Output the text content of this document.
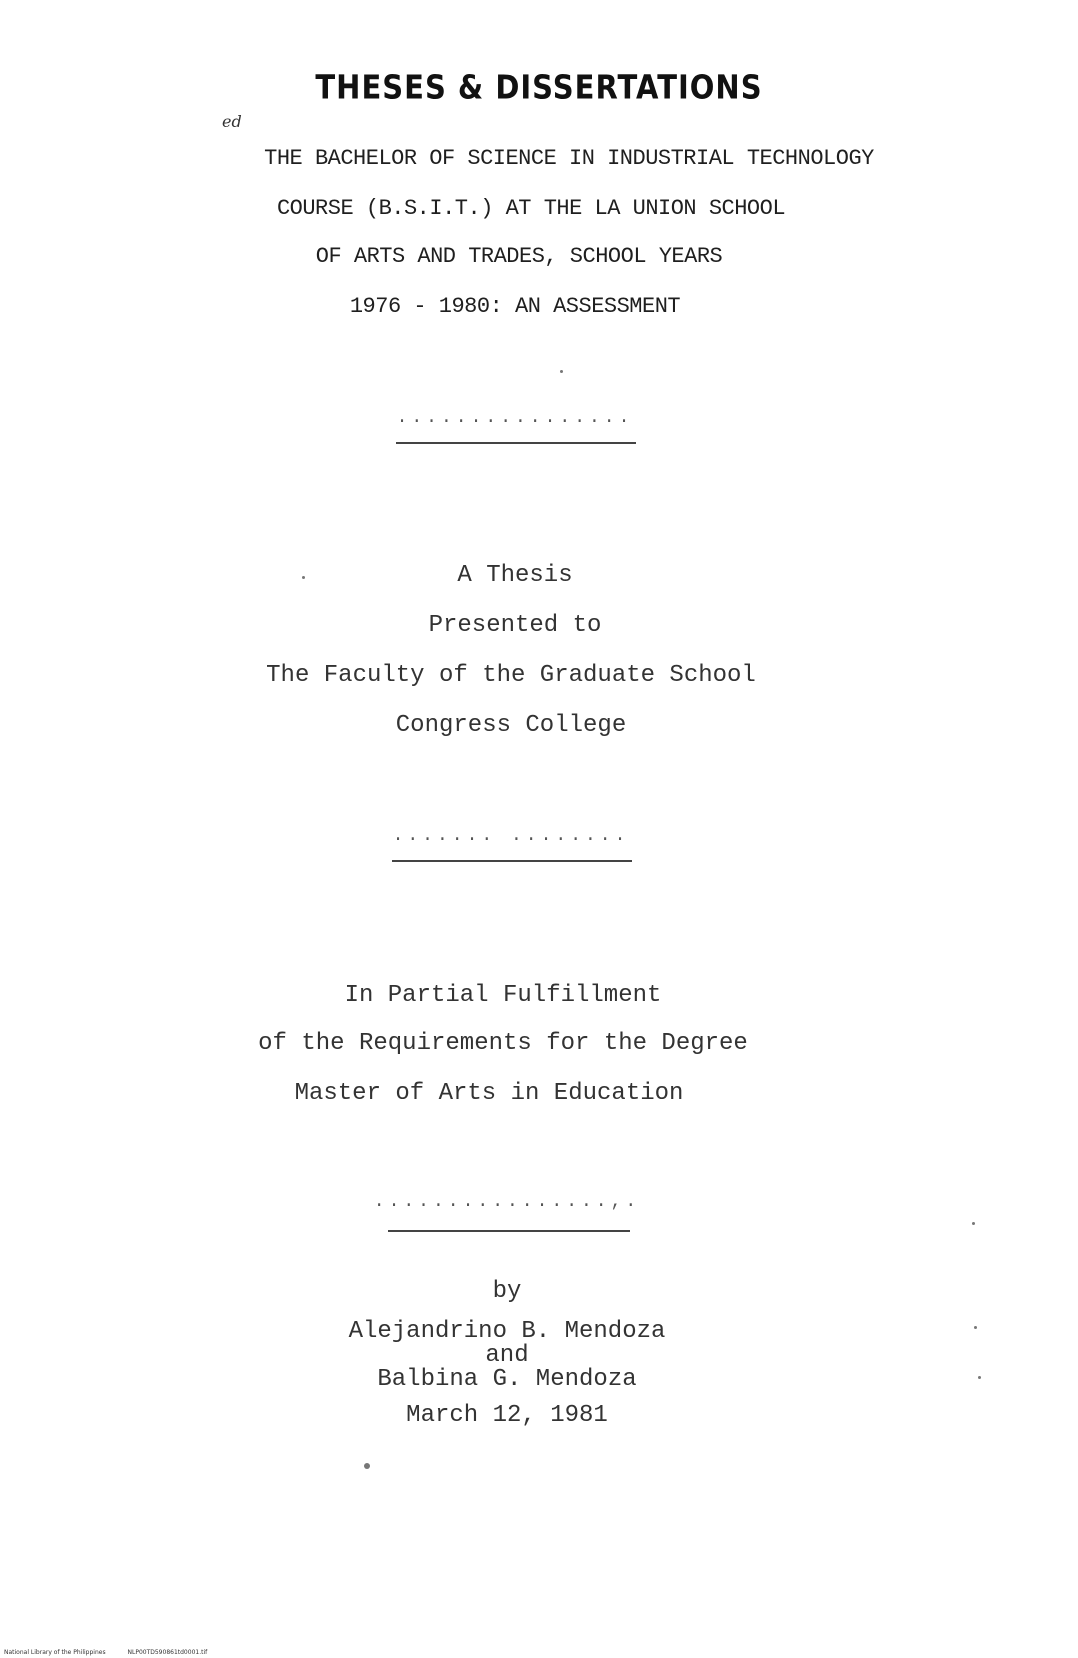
THESES & DISSERTATIONS
ed
THE BACHELOR OF SCIENCE IN INDUSTRIAL TECHNOLOGY
COURSE (B.S.I.T.) AT THE LA UNION SCHOOL
OF ARTS AND TRADES, SCHOOL YEARS
1976 - 1980: AN ASSESSMENT
................
A Thesis
Presented to
The Faculty of the Graduate School
Congress College
....... ........
In Partial Fulfillment
of the Requirements for the Degree
Master of Arts in Education
................,.
by
Alejandrino B. Mendoza
and
Balbina G. Mendoza
March 12, 1981
National Library of the Philippines	NLP00TD590861td0001.tif
